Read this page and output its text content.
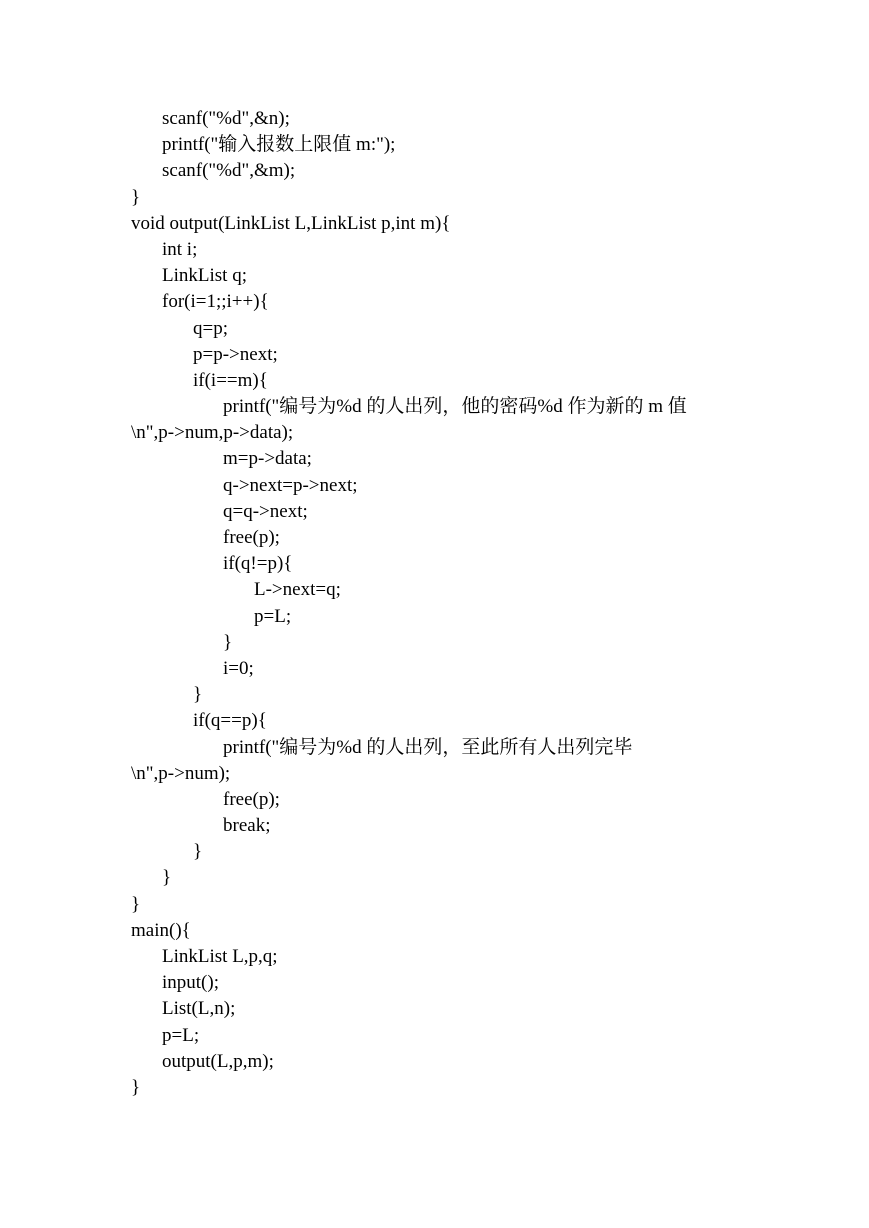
scanf("%d",&n);
printf("输入报数上限值 m:");
scanf("%d",&m);
}
void output(LinkList L,LinkList p,int m){
int i;
LinkList q;
for(i=1;;i++){
q=p;
p=p->next;
if(i==m){
printf("编号为%d 的人出列，他的密码%d 作为新的 m 值
\n",p->num,p->data);
m=p->data;
q->next=p->next;
q=q->next;
free(p);
if(q!=p){
L->next=q;
p=L;
}
i=0;
}
if(q==p){
printf("编号为%d 的人出列，至此所有人出列完毕
\n",p->num);
free(p);
break;
}
}
}
main(){
LinkList L,p,q;
input();
List(L,n);
p=L;
output(L,p,m);
}
